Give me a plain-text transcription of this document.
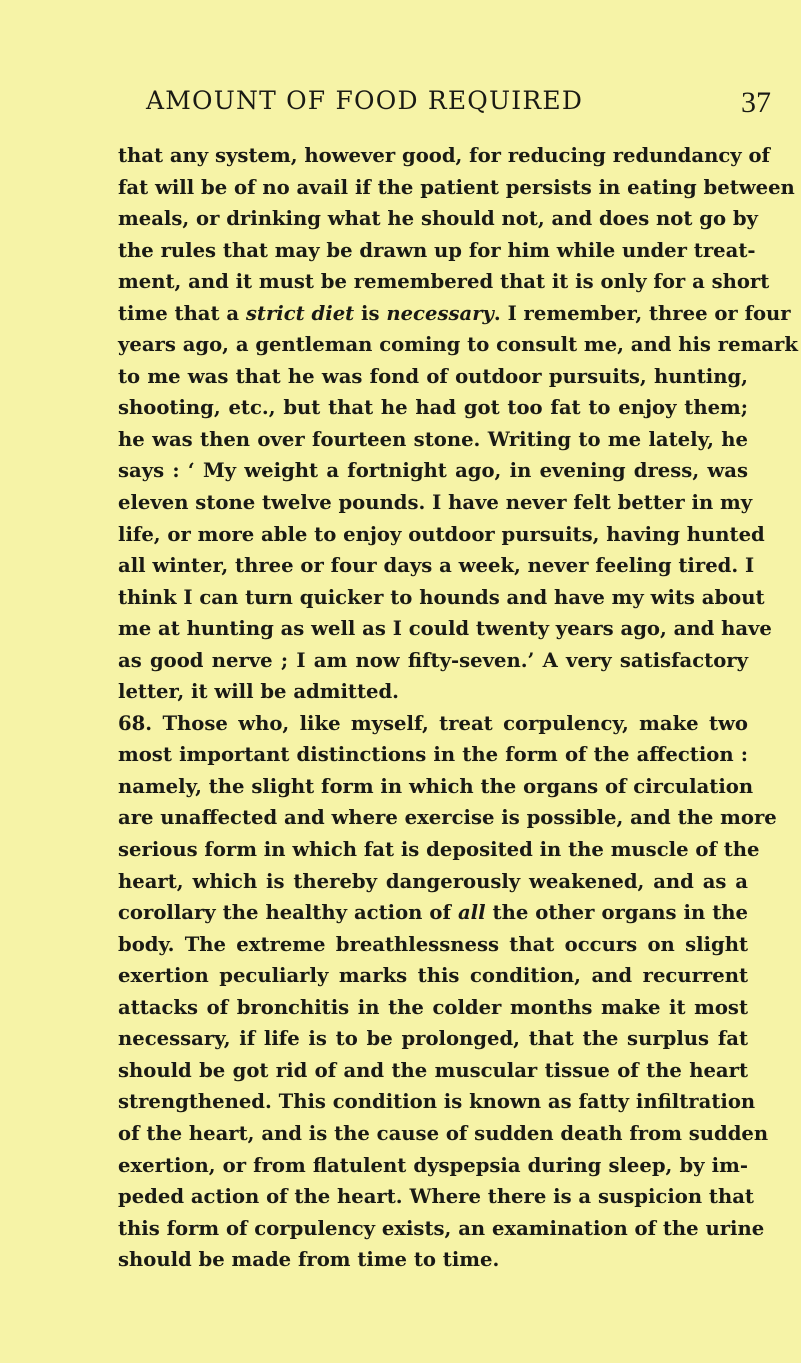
AMOUNT OF FOOD REQUIRED	37
that any system, however good, for reducing redundancy of
fat will be of no avail if the patient persists in eating between
meals, or drinking what he should not, and does not go by
the rules that may be drawn up for him while under treat-
ment, and it must be remembered that it is only for a short
time that a strict diet is necessary. I remember, three or four
years ago, a gentleman coming to consult me, and his remark
to me was that he was fond of outdoor pursuits, hunting,
shooting, etc., but that he had got too fat to enjoy them;
he was then over fourteen stone. Writing to me lately, he
says : ‘ My weight a fortnight ago, in evening dress, was
eleven stone twelve pounds. I have never felt better in my
life, or more able to enjoy outdoor pursuits, having hunted
all winter, three or four days a week, never feeling tired. I
think I can turn quicker to hounds and have my wits about
me at hunting as well as I could twenty years ago, and have
as good nerve ; I am now fifty-seven.’ A very satisfactory
letter, it will be admitted.
68. Those who, like myself, treat corpulency, make two
most important distinctions in the form of the affection :
namely, the slight form in which the organs of circulation
are unaffected and where exercise is possible, and the more
serious form in which fat is deposited in the muscle of the
heart, which is thereby dangerously weakened, and as a
corollary the healthy action of all the other organs in the
body. The extreme breathlessness that occurs on slight
exertion peculiarly marks this condition, and recurrent
attacks of bronchitis in the colder months make it most
necessary, if life is to be prolonged, that the surplus fat
should be got rid of and the muscular tissue of the heart
strengthened. This condition is known as fatty infiltration
of the heart, and is the cause of sudden death from sudden
exertion, or from flatulent dyspepsia during sleep, by im-
peded action of the heart. Where there is a suspicion that
this form of corpulency exists, an examination of the urine
should be made from time to time.
